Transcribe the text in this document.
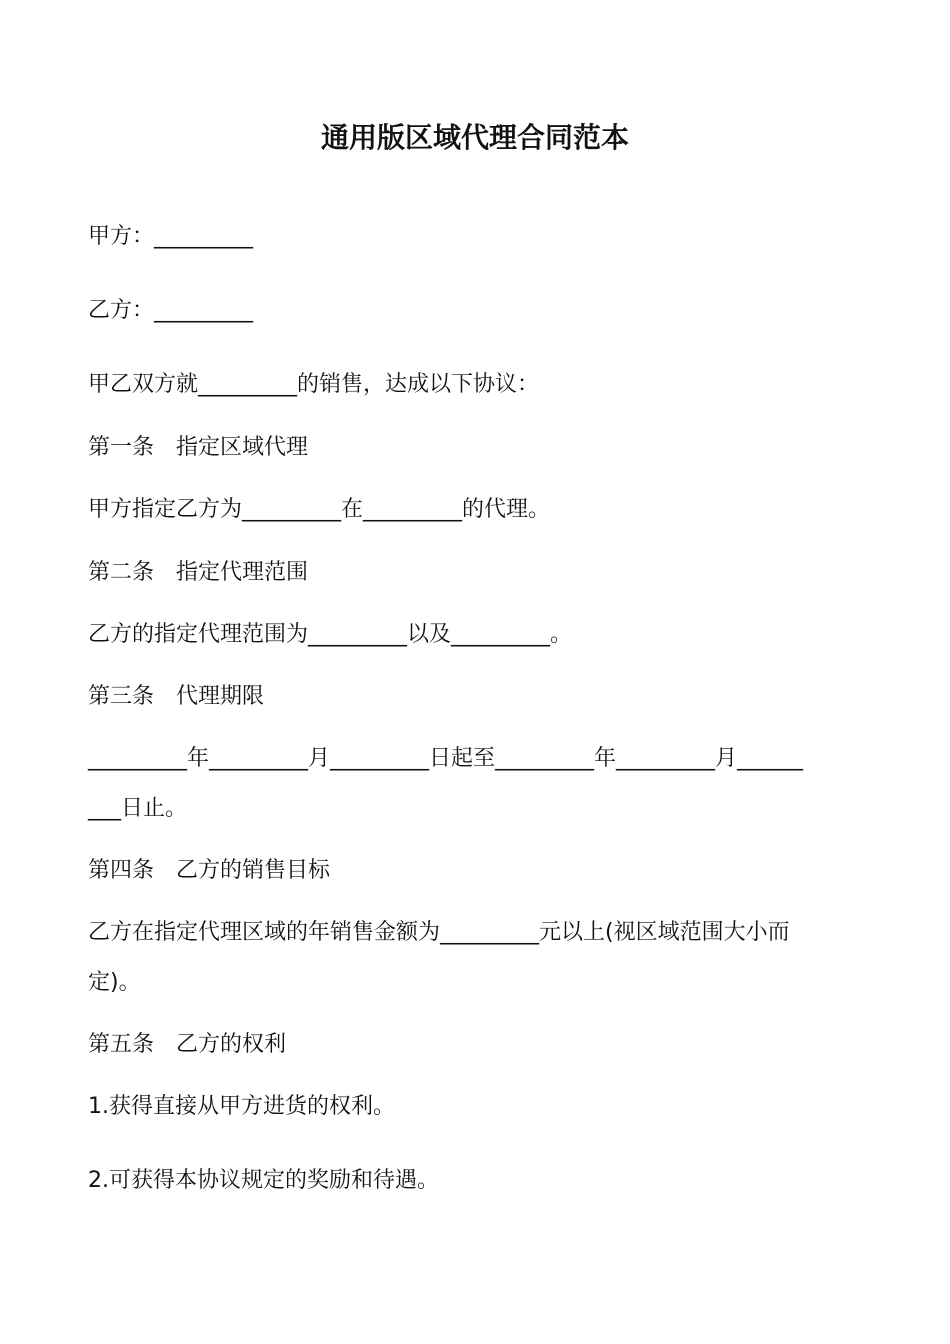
通用版区域代理合同范本
甲方：_________
乙方：_________
甲乙双方就_________的销售，达成以下协议：
第一条　指定区域代理
甲方指定乙方为_________在_________的代理。
第二条　指定代理范围
乙方的指定代理范围为_________以及_________。
第三条　代理期限
_________年_________月_________日起至_________年_________月______
___日止。
第四条　乙方的销售目标
乙方在指定代理区域的年销售金额为_________元以上(视区域范围大小而
定)。
第五条　乙方的权利
1.获得直接从甲方进货的权利。
2.可获得本协议规定的奖励和待遇。
